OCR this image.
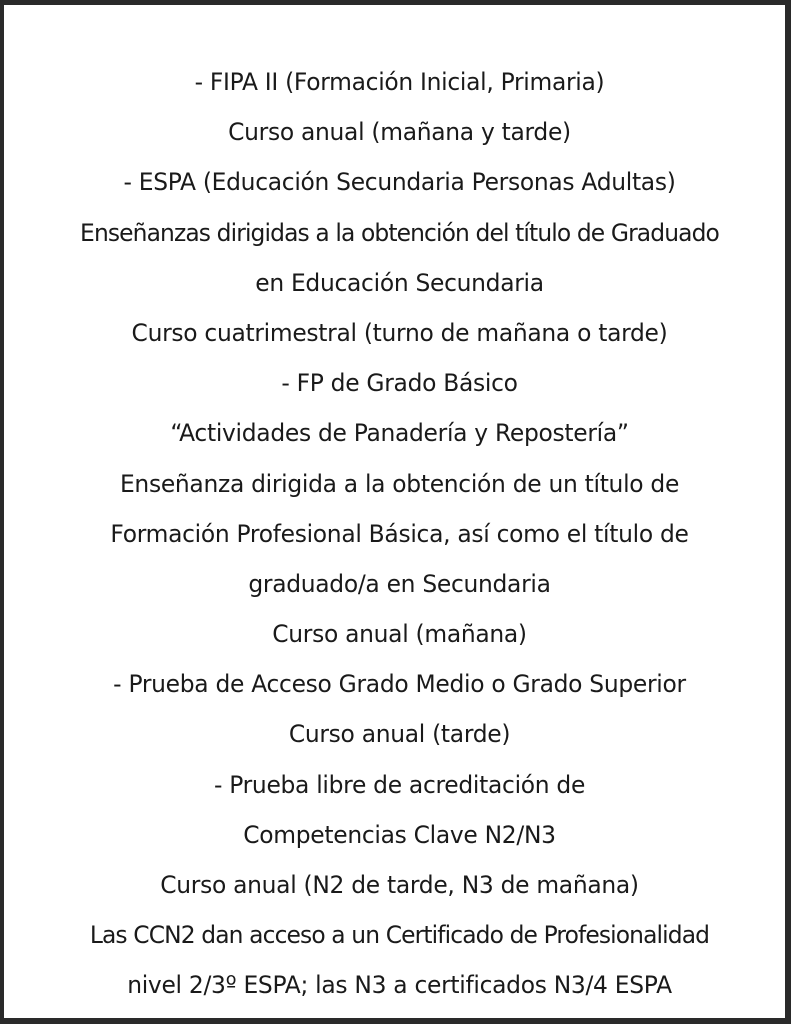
- FIPA II (Formación Inicial, Primaria)
Curso anual (mañana y tarde)
- ESPA (Educación Secundaria Personas Adultas)
Enseñanzas dirigidas a la obtención del título de Graduado
en Educación Secundaria
Curso cuatrimestral (turno de mañana o tarde)
- FP de Grado Básico
“Actividades de Panadería y Repostería”
Enseñanza dirigida a la obtención de un título de
Formación Profesional Básica, así como el título de
graduado/a en Secundaria
Curso anual (mañana)
- Prueba de Acceso Grado Medio o Grado Superior
Curso anual (tarde)
- Prueba libre de acreditación de
Competencias Clave N2/N3
Curso anual (N2 de tarde, N3 de mañana)
Las CCN2 dan acceso a un Certificado de Profesionalidad
nivel 2/3º ESPA; las N3 a certificados N3/4 ESPA
